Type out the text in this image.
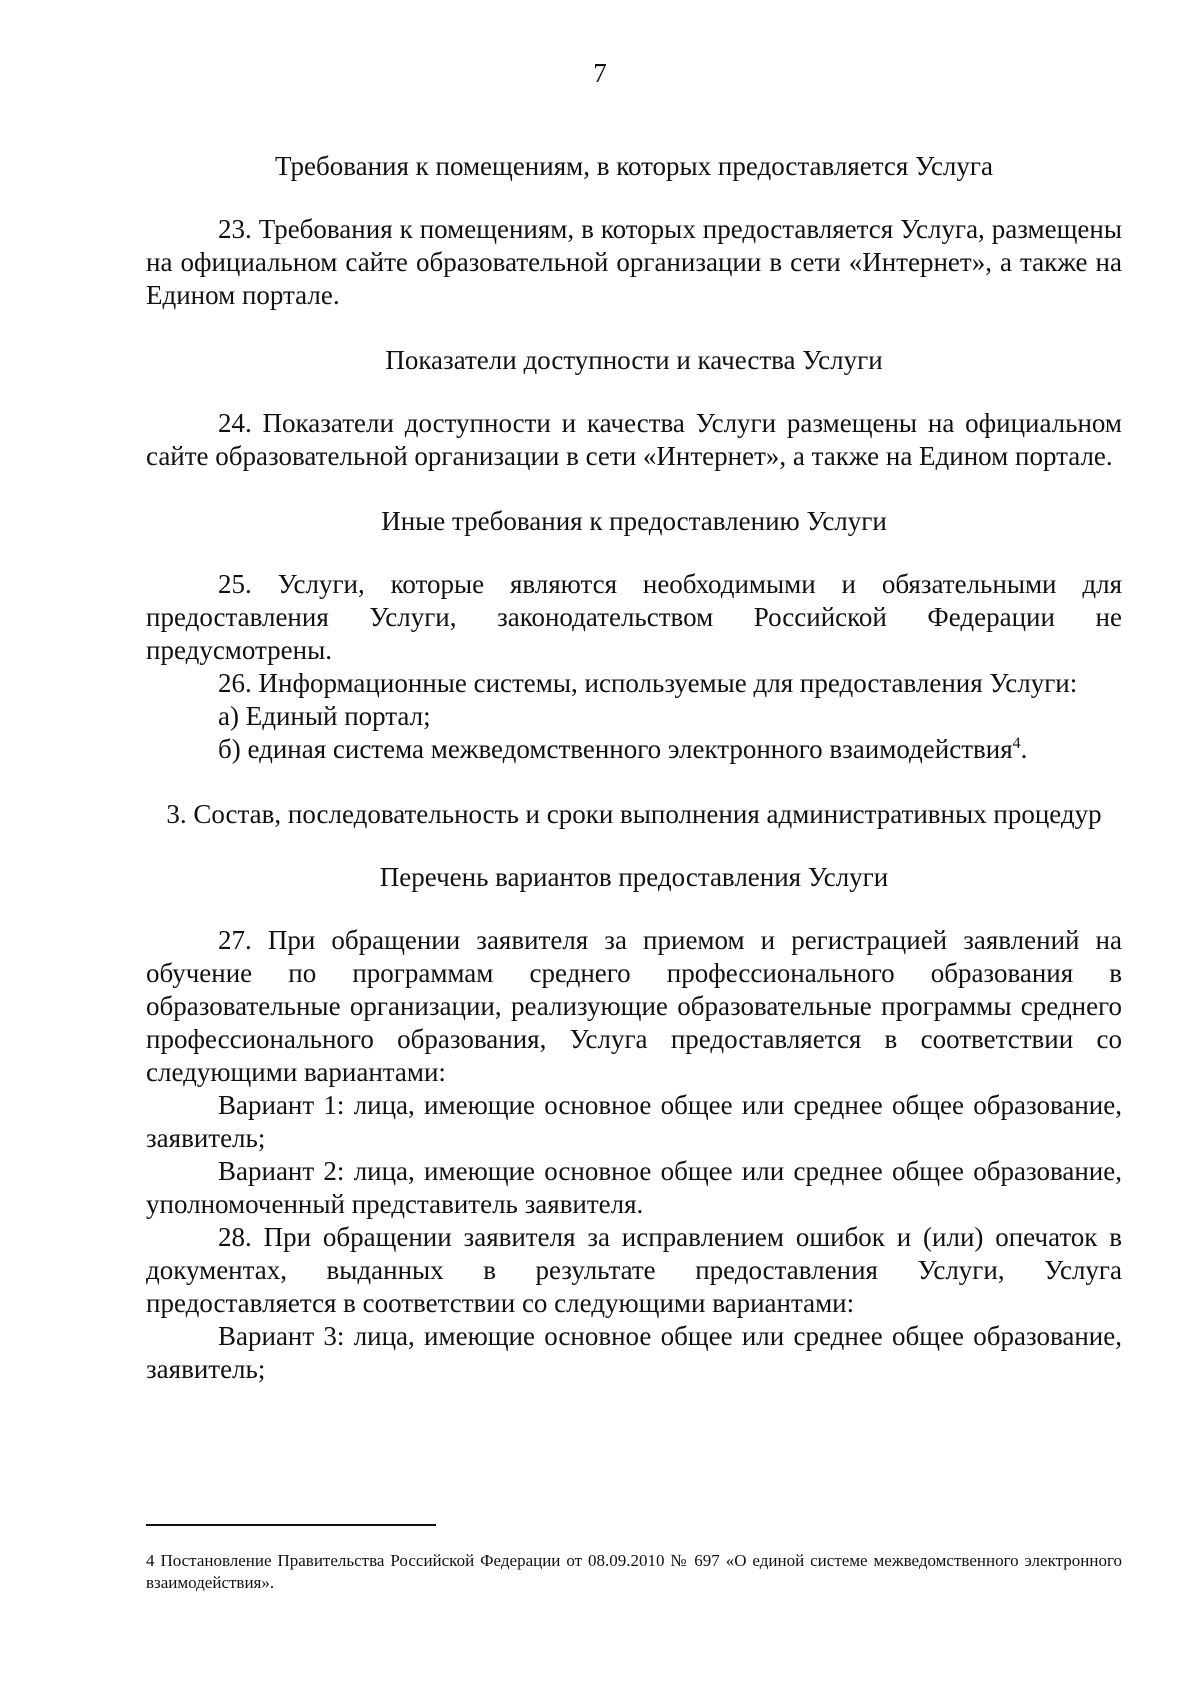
7

Требования к помещениям, в которых предоставляется Услуга

23. Требования к помещениям, в которых предоставляется Услуга, размещены на официальном сайте образовательной организации в сети «Интернет», а также на Едином портале.

Показатели доступности и качества Услуги

24. Показатели доступности и качества Услуги размещены на официальном сайте образовательной организации в сети «Интернет», а также на Едином портале.

Иные требования к предоставлению Услуги

25. Услуги, которые являются необходимыми и обязательными для предоставления Услуги, законодательством Российской Федерации не предусмотрены.

26. Информационные системы, используемые для предоставления Услуги:

а) Единый портал;

б) единая система межведомственного электронного взаимодействия$^4$.

3. Состав, последовательность и сроки выполнения административных процедур

Перечень вариантов предоставления Услуги

27. При обращении заявителя за приемом и регистрацией заявлений на обучение по программам среднего профессионального образования в образовательные организации, реализующие образовательные программы среднего профессионального образования, Услуга предоставляется в соответствии со следующими вариантами:

Вариант 1: лица, имеющие основное общее или среднее общее образование, заявитель;

Вариант 2: лица, имеющие основное общее или среднее общее образование, уполномоченный представитель заявителя.

28. При обращении заявителя за исправлением ошибок и (или) опечаток в документах, выданных в результате предоставления Услуги, Услуга предоставляется в соответствии со следующими вариантами:

Вариант 3: лица, имеющие основное общее или среднее общее образование, заявитель;

4 Постановление Правительства Российской Федерации от 08.09.2010 № 697 «О единой системе межведомственного электронного взаимодействия».
